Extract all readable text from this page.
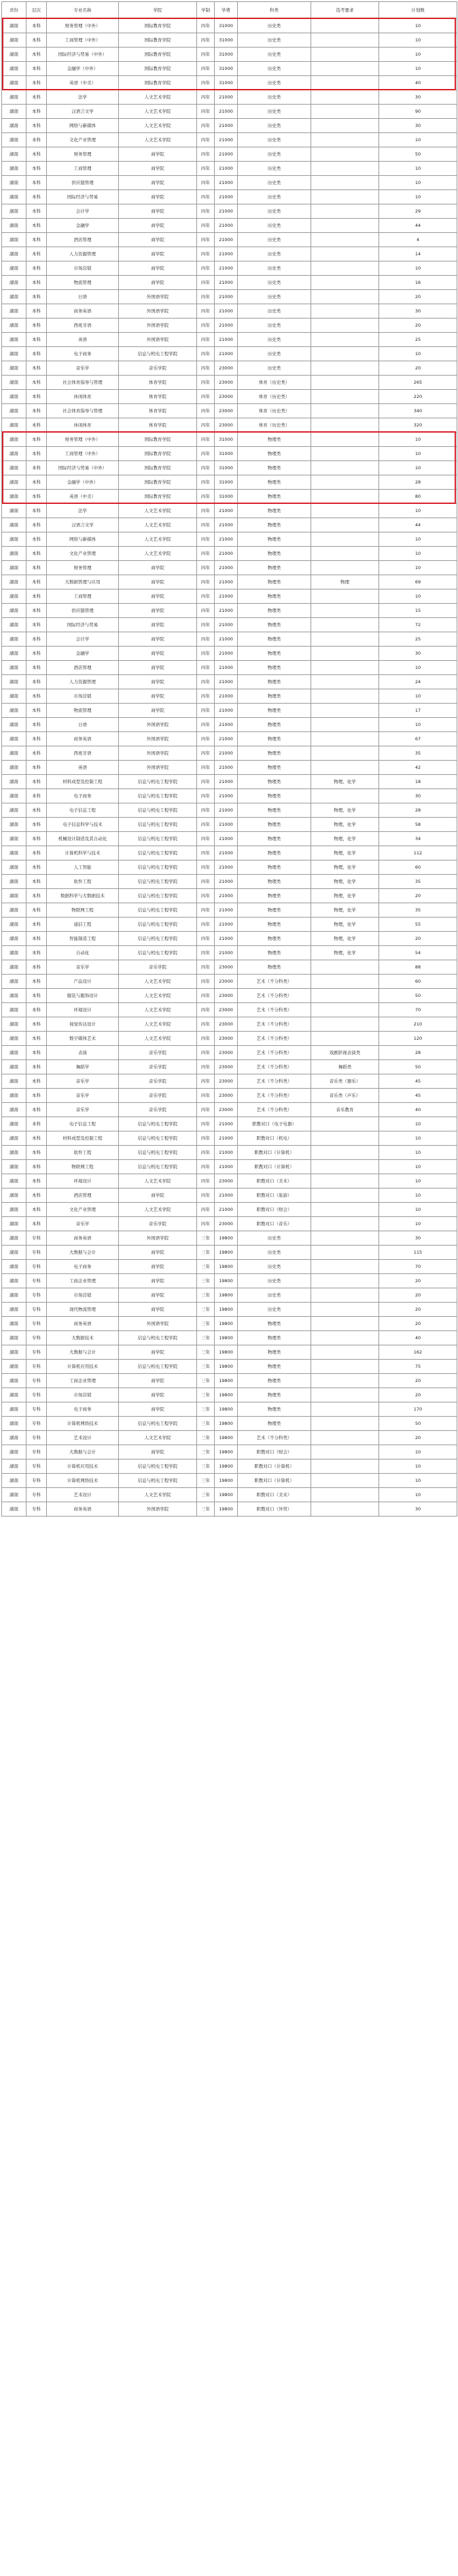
省份	层次	专业名称	学院	学制	学费	科类	选考要求	计划数
湖南	本科	财务管理（中外）	国际教育学院	四年	31000	历史类		10
湖南	本科	工商管理（中外）	国际教育学院	四年	31000	历史类		10
湖南	本科	国际经济与贸易（中外）	国际教育学院	四年	31000	历史类		10
湖南	本科	金融学（中外）	国际教育学院	四年	31000	历史类		10
湖南	本科	英语（中美）	国际教育学院	四年	31000	历史类		40
湖南	本科	法学	人文艺术学院	四年	21000	历史类		30
湖南	本科	汉语言文学	人文艺术学院	四年	21000	历史类		90
湖南	本科	网络与新媒体	人文艺术学院	四年	21000	历史类		30
湖南	本科	文化产业管理	人文艺术学院	四年	21000	历史类		10
湖南	本科	财务管理	商学院	四年	21000	历史类		50
湖南	本科	工商管理	商学院	四年	21000	历史类		10
湖南	本科	供应链管理	商学院	四年	21000	历史类		10
湖南	本科	国际经济与贸易	商学院	四年	21000	历史类		10
湖南	本科	会计学	商学院	四年	21000	历史类		29
湖南	本科	金融学	商学院	四年	21000	历史类		44
湖南	本科	酒店管理	商学院	四年	21000	历史类		4
湖南	本科	人力资源管理	商学院	四年	21000	历史类		14
湖南	本科	市场营销	商学院	四年	21000	历史类		10
湖南	本科	物流管理	商学院	四年	21000	历史类		16
湖南	本科	日语	外国语学院	四年	21000	历史类		20
湖南	本科	商务英语	外国语学院	四年	21000	历史类		30
湖南	本科	西班牙语	外国语学院	四年	21000	历史类		20
湖南	本科	英语	外国语学院	四年	21000	历史类		25
湖南	本科	电子商务	信息与机电工程学院	四年	21000	历史类		10
湖南	本科	音乐学	音乐学院	四年	23000	历史类		20
湖南	本科	社会体育指导与管理	体育学院	四年	23000	体育（历史类）		265
湖南	本科	休闲体育	体育学院	四年	23000	体育（历史类）		220
湖南	本科	社会体育指导与管理	体育学院	四年	23000	体育（历史类）		340
湖南	本科	休闲体育	体育学院	四年	23000	体育（历史类）		320
湖南	本科	财务管理（中外）	国际教育学院	四年	31000	物理类		10
湖南	本科	工商管理（中外）	国际教育学院	四年	31000	物理类		10
湖南	本科	国际经济与贸易（中外）	国际教育学院	四年	31000	物理类		10
湖南	本科	金融学（中外）	国际教育学院	四年	31000	物理类		28
湖南	本科	英语（中美）	国际教育学院	四年	31000	物理类		80
湖南	本科	法学	人文艺术学院	四年	21000	物理类		10
湖南	本科	汉语言文学	人文艺术学院	四年	21000	物理类		44
湖南	本科	网络与新媒体	人文艺术学院	四年	21000	物理类		10
湖南	本科	文化产业管理	人文艺术学院	四年	21000	物理类		10
湖南	本科	财务管理	商学院	四年	21000	物理类		10
湖南	本科	大数据管理与应用	商学院	四年	21000	物理类	物理	69
湖南	本科	工商管理	商学院	四年	21000	物理类		10
湖南	本科	供应链管理	商学院	四年	21000	物理类		15
湖南	本科	国际经济与贸易	商学院	四年	21000	物理类		72
湖南	本科	会计学	商学院	四年	21000	物理类		25
湖南	本科	金融学	商学院	四年	21000	物理类		30
湖南	本科	酒店管理	商学院	四年	21000	物理类		10
湖南	本科	人力资源管理	商学院	四年	21000	物理类		24
湖南	本科	市场营销	商学院	四年	21000	物理类		10
湖南	本科	物流管理	商学院	四年	21000	物理类		17
湖南	本科	日语	外国语学院	四年	21000	物理类		10
湖南	本科	商务英语	外国语学院	四年	21000	物理类		67
湖南	本科	西班牙语	外国语学院	四年	21000	物理类		35
湖南	本科	英语	外国语学院	四年	21000	物理类		42
湖南	本科	材料成型及控制工程	信息与机电工程学院	四年	21000	物理类	物理，化学	18
湖南	本科	电子商务	信息与机电工程学院	四年	21000	物理类		30
湖南	本科	电子信息工程	信息与机电工程学院	四年	21000	物理类	物理，化学	28
湖南	本科	电子信息科学与技术	信息与机电工程学院	四年	21000	物理类	物理，化学	58
湖南	本科	机械设计制造及其自动化	信息与机电工程学院	四年	21000	物理类	物理，化学	34
湖南	本科	计算机科学与技术	信息与机电工程学院	四年	21000	物理类	物理，化学	112
湖南	本科	人工智能	信息与机电工程学院	四年	21000	物理类	物理，化学	60
湖南	本科	软件工程	信息与机电工程学院	四年	21000	物理类	物理，化学	35
湖南	本科	数据科学与大数据技术	信息与机电工程学院	四年	21000	物理类	物理，化学	20
湖南	本科	物联网工程	信息与机电工程学院	四年	21000	物理类	物理，化学	35
湖南	本科	通信工程	信息与机电工程学院	四年	21000	物理类	物理，化学	55
湖南	本科	智能制造工程	信息与机电工程学院	四年	21000	物理类	物理，化学	20
湖南	本科	自动化	信息与机电工程学院	四年	21000	物理类	物理，化学	54
湖南	本科	音乐学	音乐学院	四年	23000	物理类		88
湖南	本科	产品设计	人文艺术学院	四年	23000	艺术（不分科类）		60
湖南	本科	服装与服饰设计	人文艺术学院	四年	23000	艺术（不分科类）		50
湖南	本科	环境设计	人文艺术学院	四年	23000	艺术（不分科类）		70
湖南	本科	视觉传达设计	人文艺术学院	四年	23000	艺术（不分科类）		210
湖南	本科	数字媒体艺术	人文艺术学院	四年	23000	艺术（不分科类）		120
湖南	本科	表演	音乐学院	四年	23000	艺术（不分科类）	戏剧影视表演类	28
湖南	本科	舞蹈学	音乐学院	四年	23000	艺术（不分科类）	舞蹈类	50
湖南	本科	音乐学	音乐学院	四年	23000	艺术（不分科类）	音乐类（器乐）	45
湖南	本科	音乐学	音乐学院	四年	23000	艺术（不分科类）	音乐类（声乐）	45
湖南	本科	音乐学	音乐学院	四年	23000	艺术（不分科类）	音乐教育	40
湖南	本科	电子信息工程	信息与机电工程学院	四年	21000	职教对口（电子电器）		10
湖南	本科	材料成型及控制工程	信息与机电工程学院	四年	21000	职教对口（机电）		10
湖南	本科	软件工程	信息与机电工程学院	四年	21000	职教对口（计算机）		10
湖南	本科	物联网工程	信息与机电工程学院	四年	21000	职教对口（计算机）		10
湖南	本科	环境设计	人文艺术学院	四年	23000	职教对口（美术）		10
湖南	本科	酒店管理	商学院	四年	21000	职教对口（旅游）		10
湖南	本科	文化产业管理	人文艺术学院	四年	21000	职教对口（财会）		10
湖南	本科	音乐学	音乐学院	四年	23000	职教对口（音乐）		10
湖南	专科	商务英语	外国语学院	三年	19800	历史类		30
湖南	专科	大数据与会计	商学院	三年	19800	历史类		115
湖南	专科	电子商务	商学院	三年	19800	历史类		70
湖南	专科	工商企业管理	商学院	三年	19800	历史类		20
湖南	专科	市场营销	商学院	三年	19800	历史类		20
湖南	专科	现代物流管理	商学院	三年	19800	历史类		20
湖南	专科	商务英语	外国语学院	三年	19800	物理类		20
湖南	专科	大数据技术	信息与机电工程学院	三年	19800	物理类		40
湖南	专科	大数据与会计	商学院	三年	19800	物理类		162
湖南	专科	计算机应用技术	信息与机电工程学院	三年	19800	物理类		75
湖南	专科	工商企业管理	商学院	三年	19800	物理类		20
湖南	专科	市场营销	商学院	三年	19800	物理类		20
湖南	专科	电子商务	商学院	三年	19800	物理类		170
湖南	专科	计算机网络技术	信息与机电工程学院	三年	19800	物理类		50
湖南	专科	艺术设计	人文艺术学院	三年	19800	艺术（不分科类）		20
湖南	专科	大数据与会计	商学院	三年	19800	职教对口（财会）		10
湖南	专科	计算机应用技术	信息与机电工程学院	三年	19800	职教对口（计算机）		10
湖南	专科	计算机网络技术	信息与机电工程学院	三年	19800	职教对口（计算机）		10
湖南	专科	艺术设计	人文艺术学院	三年	19800	职教对口（美术）		10
湖南	专科	商务英语	外国语学院	三年	19800	职教对口（外贸）		30
